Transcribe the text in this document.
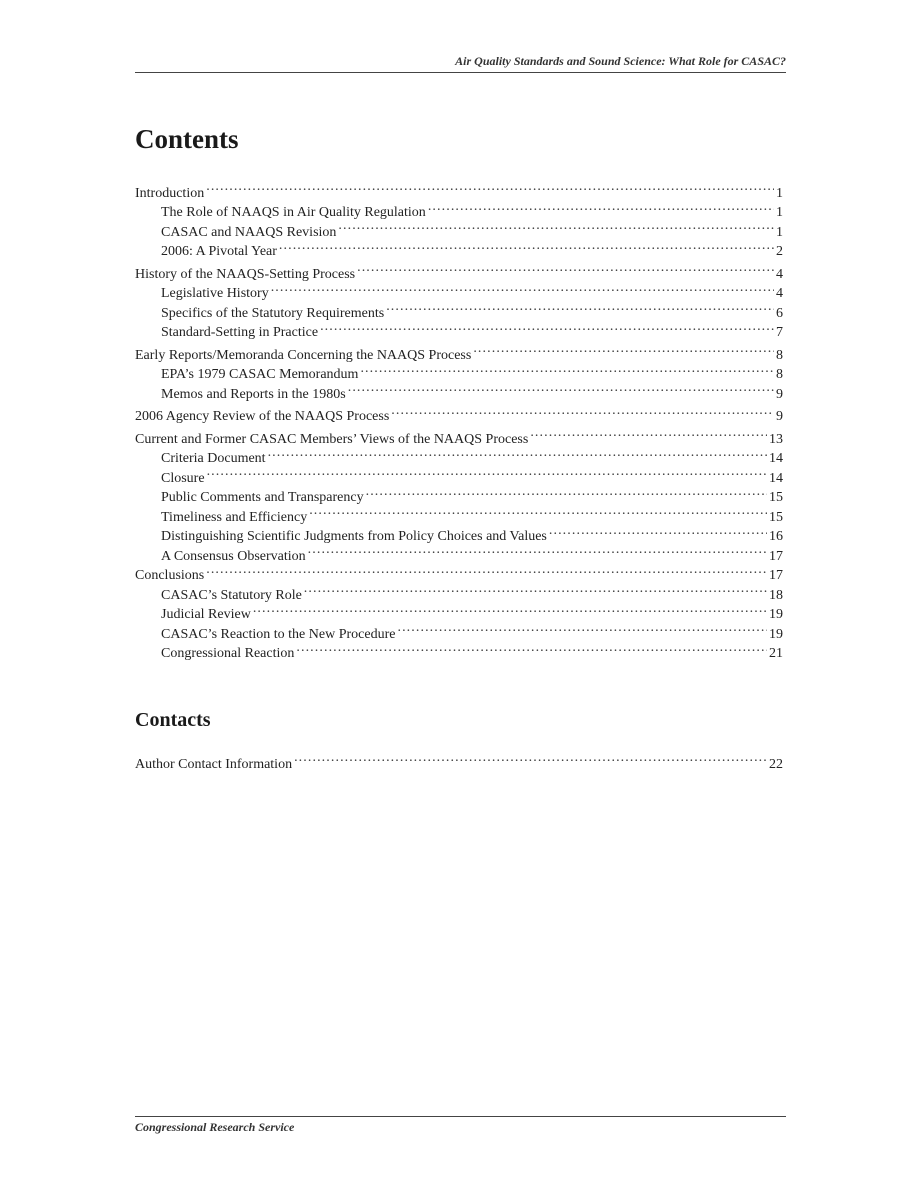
Air Quality Standards and Sound Science: What Role for CASAC?
Contents
Introduction . . .	1
The Role of NAAQS in Air Quality Regulation . . .	1
CASAC and NAAQS Revision . . .	1
2006: A Pivotal Year . . .	2
History of the NAAQS-Setting Process . . .	4
Legislative History . . .	4
Specifics of the Statutory Requirements . . .	6
Standard-Setting in Practice . . .	7
Early Reports/Memoranda Concerning the NAAQS Process . . .	8
EPA’s 1979 CASAC Memorandum . . .	8
Memos and Reports in the 1980s . . .	9
2006 Agency Review of the NAAQS Process . . .	9
Current and Former CASAC Members’ Views of the NAAQS Process . . .	13
Criteria Document . . .	14
Closure . . .	14
Public Comments and Transparency . . .	15
Timeliness and Efficiency . . .	15
Distinguishing Scientific Judgments from Policy Choices and Values . . .	16
A Consensus Observation . . .	17
Conclusions . . .	17
CASAC’s Statutory Role . . .	18
Judicial Review . . .	19
CASAC’s Reaction to the New Procedure . . .	19
Congressional Reaction . . .	21
Contacts
Author Contact Information . . .	22
Congressional Research Service
